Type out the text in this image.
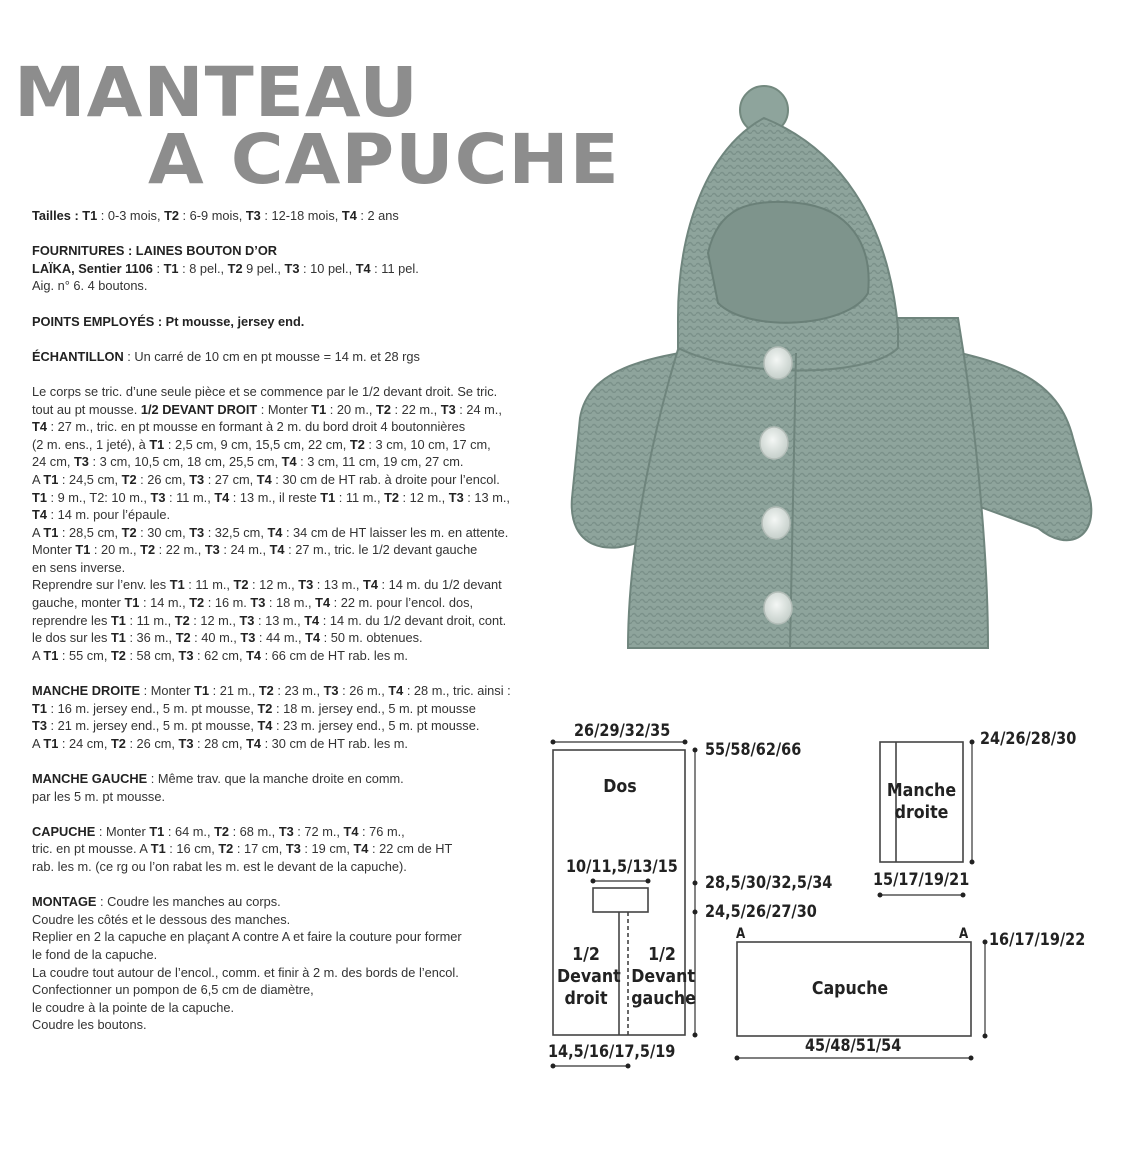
MANTEAU
A CAPUCHE

Tailles : T1 : 0-3 mois, T2 : 6-9 mois, T3 : 12-18 mois, T4 : 2 ans

FOURNITURES : LAINES BOUTON D’OR

LAÏKA, Sentier 1106 : T1 : 8 pel., T2 9 pel., T3 : 10 pel., T4 : 11 pel.

Aig. n° 6. 4 boutons.

POINTS EMPLOYÉS : Pt mousse, jersey end.

ÉCHANTILLON : Un carré de 10 cm en pt mousse = 14 m. et 28 rgs

Le corps se tric. d’une seule pièce et se commence par le 1/2 devant droit. Se tric.

tout au pt mousse. 1/2 DEVANT DROIT : Monter T1 : 20 m., T2 : 22 m., T3 : 24 m.,

T4 : 27 m., tric. en pt mousse en formant à 2 m. du bord droit 4 boutonnières

(2 m. ens., 1 jeté), à T1 : 2,5 cm, 9 cm, 15,5 cm, 22 cm, T2 : 3 cm, 10 cm, 17 cm,

24 cm, T3 : 3 cm, 10,5 cm, 18 cm, 25,5 cm, T4 : 3 cm, 11 cm, 19 cm, 27 cm.

A T1 : 24,5 cm, T2 : 26 cm, T3 : 27 cm, T4 : 30 cm de HT rab. à droite pour l’encol.

T1 : 9 m., T2: 10 m., T3 : 11 m., T4 : 13 m., il reste T1 : 11 m., T2 : 12 m., T3 : 13 m.,

T4 : 14 m. pour l’épaule.

A T1 : 28,5 cm, T2 : 30 cm, T3 : 32,5 cm, T4 : 34 cm de HT laisser les m. en attente.

Monter T1 : 20 m., T2 : 22 m., T3 : 24 m., T4 : 27 m., tric. le 1/2 devant gauche

en sens inverse.

Reprendre sur l’env. les T1 : 11 m., T2 : 12 m., T3 : 13 m., T4 : 14 m. du 1/2 devant

gauche, monter T1 : 14 m., T2 : 16 m. T3 : 18 m., T4 : 22 m. pour l’encol. dos,

reprendre les T1 : 11 m., T2 : 12 m., T3 : 13 m., T4 : 14 m. du 1/2 devant droit, cont.

le dos sur les T1 : 36 m., T2 : 40 m., T3 : 44 m., T4 : 50 m. obtenues.

A T1 : 55 cm, T2 : 58 cm, T3 : 62 cm, T4 : 66 cm de HT rab. les m.

MANCHE DROITE : Monter T1 : 21 m., T2 : 23 m., T3 : 26 m., T4 : 28 m., tric. ainsi :

T1 : 16 m. jersey end., 5 m. pt mousse, T2 : 18 m. jersey end., 5 m. pt mousse

T3 : 21 m. jersey end., 5 m. pt mousse, T4 : 23 m. jersey end., 5 m. pt mousse.

A T1 : 24 cm, T2 : 26 cm, T3 : 28 cm, T4 : 30 cm de HT rab. les m.

MANCHE GAUCHE : Même trav. que la manche droite en comm.

par les 5 m. pt mousse.

CAPUCHE : Monter T1 : 64 m., T2 : 68 m., T3 : 72 m., T4 : 76 m.,

tric. en pt mousse. A T1 : 16 cm, T2 : 17 cm, T3 : 19 cm, T4 : 22 cm de HT

rab. les m. (ce rg ou l’on rabat les m. est le devant de la capuche).

MONTAGE : Coudre les manches au corps.

Coudre les côtés et le dessous des manches.

Replier en 2 la capuche en plaçant A contre A et faire la couture pour former

le fond de la capuche.

La coudre tout autour de l’encol., comm. et finir à 2 m. des bords de l’encol.

Confectionner un pompon de 6,5 cm de diamètre,

le coudre à la pointe de la capuche.

Coudre les boutons.

26/29/32/35
55/58/62/66
Dos
10/11,5/13/15
28,5/30/32,5/34
24,5/26/27/30
1/2
Devant
droit
1/2
Devant
gauche
14,5/16/17,5/19
Manche
droite
24/26/28/30
15/17/19/21
A	A
Capuche
16/17/19/22
45/48/51/54
